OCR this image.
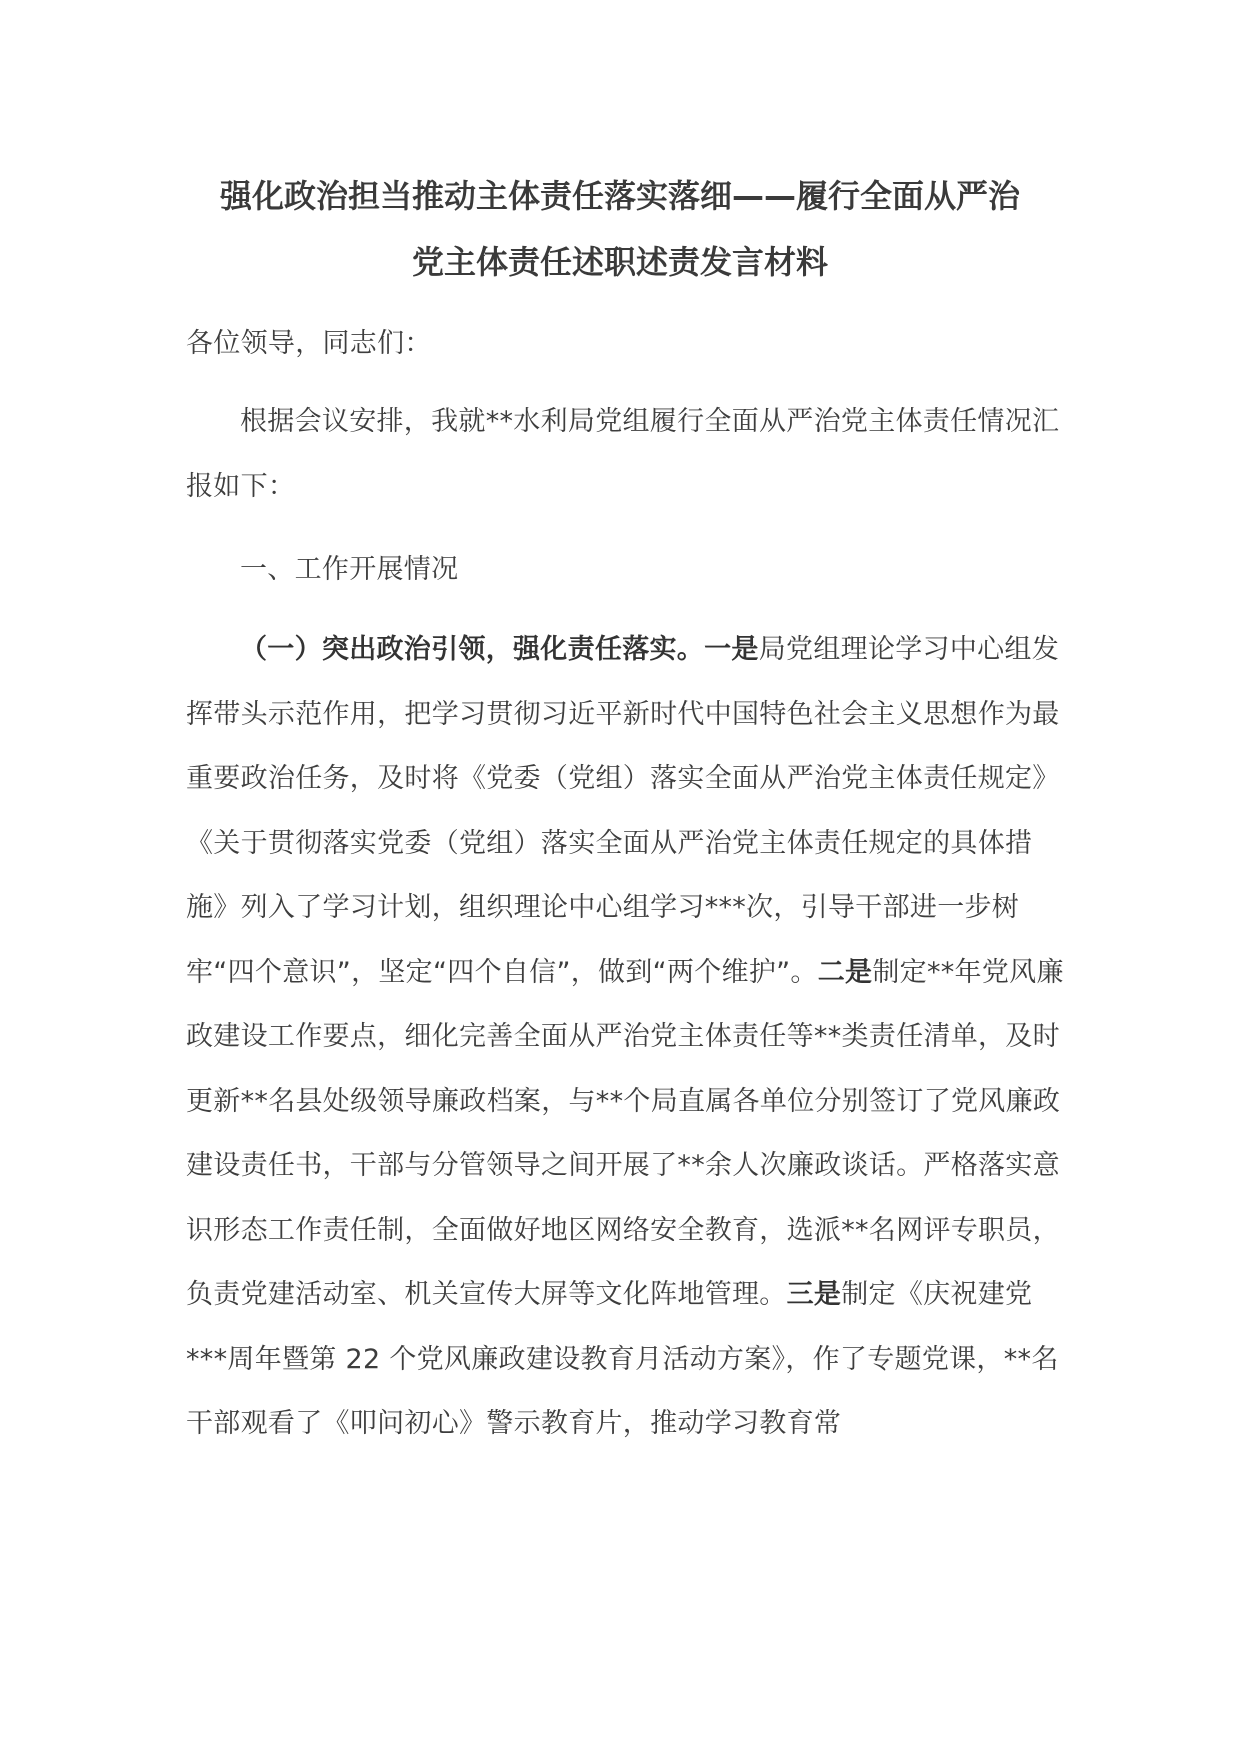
强化政治担当推动主体责任落实落细——履行全面从严治
党主体责任述职述责发言材料

各位领导，同志们：

根据会议安排，我就**水利局党组履行全面从严治党主体责任情况汇报如下：

一、工作开展情况

（一）突出政治引领，强化责任落实。一是局党组理论学习中心组发挥带头示范作用，把学习贯彻习近平新时代中国特色社会主义思想作为最重要政治任务，及时将《党委（党组）落实全面从严治党主体责任规定》《关于贯彻落实党委（党组）落实全面从严治党主体责任规定的具体措施》列入了学习计划，组织理论中心组学习***次，引导干部进一步树牢“四个意识”，坚定“四个自信”，做到“两个维护”。二是制定**年党风廉政建设工作要点，细化完善全面从严治党主体责任等**类责任清单，及时更新**名县处级领导廉政档案，与**个局直属各单位分别签订了党风廉政建设责任书，干部与分管领导之间开展了**余人次廉政谈话。严格落实意识形态工作责任制，全面做好地区网络安全教育，选派**名网评专职员，负责党建活动室、机关宣传大屏等文化阵地管理。三是制定《庆祝建党***周年暨第 22 个党风廉政建设教育月活动方案》，作了专题党课，**名干部观看了《叩问初心》警示教育片，推动学习教育常
